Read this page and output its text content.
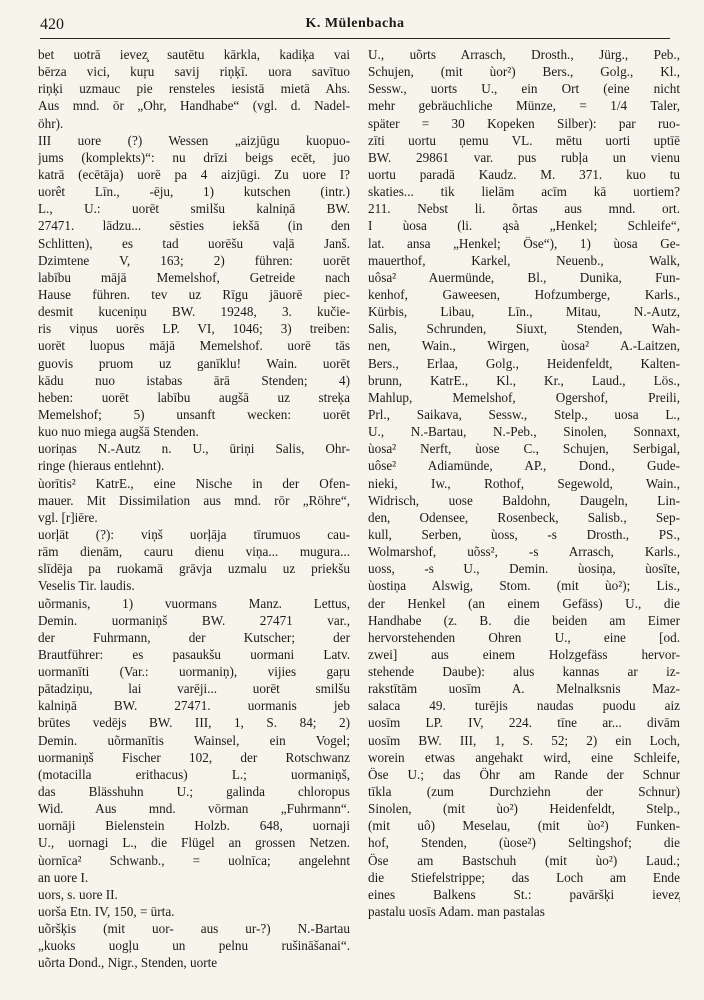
420	K. Mülenbacha
bet uotrā ievez̧ sautētu kārkla, kadiķa vai
bērza vici, kuŗu savij riņķī. uora savītuo
riņķi uzmauc pie rensteles iesistā mietā Ahs.
Aus mnd. ōr „Ohr, Handhabe“ (vgl. d. Nadel-
öhr).
III uore (?) Wessen „aizjūgu kuopuo-
jums (komplekts)“: nu drīzi beigs ecēt, juo
katrā (ecētāja) uorē pa 4 aizjūgi. Zu uore I?
uorêt Līn., -ēju, 1) kutschen (intr.)
L., U.: uorēt smilšu kalniņā BW.
27471. lādzu... sēsties iekšā (in den
Schlitten), es tad uorēšu vaļā Janš.
Dzimtene V, 163; 2) führen: uorēt
labību mājā Memelshof, Getreide nach
Hause führen. tev uz Rīgu jāuorē piec-
desmit kuceniņu BW. 19248, 3. kučie-
ris viņus uorēs LP. VI, 1046; 3) treiben:
uorēt luopus mājā Memelshof. uorē tās
guovis pruom uz ganīklu! Wain. uorēt
kādu nuo istabas ārā Stenden; 4)
heben: uorēt labību augšā uz streķa
Memelshof; 5) unsanft wecken: uorēt
kuo nuo miega augšā Stenden.
uoriņas N.-Autz n. U., ūriņi Salis, Ohr-
ringe (hieraus entlehnt).
ùorītis² KatrE., eine Nische in der Ofen-
mauer. Mit Dissimilation aus mnd. rōr „Röhre“,
vgl. [r]iēre.
uorļāt (?): viņš uorļāja tīrumuos cau-
rām dienām, cauru dienu viņa... mugura...
slīdēja pa ruokamā grāvja uzmalu uz priekšu
Veselis Tir. laudis.
uõrmanis, 1) vuormans Manz. Lettus,
Demin. uormaniņš BW. 27471 var.,
der Fuhrmann, der Kutscher; der
Brautführer: es pasaukšu uormani Latv.
uormanīti (Var.: uormaniņ), vijies gaŗu
pātadziņu, lai varēji... uorēt smilšu
kalniņā BW. 27471. uormanis jeb
brūtes vedējs BW. III, 1, S. 84; 2)
Demin. uõrmanītis Wainsel, ein Vogel;
uormaniņš Fischer 102, der Rotschwanz
(motacilla erithacus) L.; uormaniņš,
das Blässhuhn U.; galinda chloropus
Wid. Aus mnd. vōrman „Fuhrmann“.
uornāji Bielenstein Holzb. 648, uornaji
U., uornagi L., die Flügel an grossen Netzen.
ùornīca² Schwanb., = uolnīca; angelehnt
an uore I.
uors, s. uore II.
uorša Etn. IV, 150, = ūrta.
uõršķis (mit uor- aus ur-?) N.-Bartau
„kuoks uogļu un pelnu rušināšanai“.
uõrta Dond., Nigr., Stenden, uorte
U., uõrts Arrasch, Drosth., Jürg., Peb.,
Schujen, (mit ùor²) Bers., Golg., Kl.,
Sessw., uorts U., ein Ort (eine nicht
mehr gebräuchliche Münze, = 1/4 Taler,
später = 30 Kopeken Silber): par ruo-
zīti uortu ņemu VL. mētu uorti uptīē
BW. 29861 var. pus rubļa un vienu
uortu paradā Kaudz. M. 371. kuo tu
skaties... tik lielām acīm kā uortiem?
211. Nebst li. õrtas aus mnd. ort.
I ùosa (li. ąsà „Henkel; Schleife“,
lat. ansa „Henkel; Öse“), 1) ùosa Ge-
mauerthof, Karkel, Neuenb., Walk,
uôsa² Auermünde, Bl., Dunika, Fun-
kenhof, Gaweesen, Hofzumberge, Karls.,
Kürbis, Libau, Līn., Mitau, N.-Autz,
Salis, Schrunden, Siuxt, Stenden, Wah-
nen, Wain., Wirgen, ùosa² A.-Laitzen,
Bers., Erlaa, Golg., Heidenfeldt, Kalten-
brunn, KatrE., Kl., Kr., Laud., Lös.,
Mahlup, Memelshof, Ogershof, Preili,
Prl., Saikava, Sessw., Stelp., uosa L.,
U., N.-Bartau, N.-Peb., Sinolen, Sonnaxt,
ùosa² Nerft, ùose C., Schujen, Serbigal,
uôse² Adiamünde, AP., Dond., Gude-
nieki, Iw., Rothof, Segewold, Wain.,
Widrisch, uose Baldohn, Daugeln, Lin-
den, Odensee, Rosenbeck, Salisb., Sep-
kull, Serben, ùoss, -s Drosth., PS.,
Wolmarshof, uõss², -s Arrasch, Karls.,
uoss, -s U., Demin. ùosiņa, ùosīte,
ùostiņa Alswig, Stom. (mit ùo²); Lis.,
der Henkel (an einem Gefäss) U., die
Handhabe (z. B. die beiden am Eimer
hervorstehenden Ohren U., eine [od.
zwei] aus einem Holzgefäss hervor-
stehende Daube): alus kannas ar iz-
rakstītām uosīm A. Melnalksnis Maz-
salaca 49. turējis naudas puodu aiz
uosīm LP. IV, 224. tīne ar... divām
uosīm BW. III, 1, S. 52; 2) ein Loch,
worein etwas angehakt wird, eine Schleife,
Öse U.; das Öhr am Rande der Schnur
tīkla (zum Durchziehn der Schnur)
Sinolen, (mit ùo²) Heidenfeldt, Stelp.,
(mit uô) Meselau, (mit ùo²) Funken-
hof, Stenden, (ùose²) Seltingshof; die
Öse am Bastschuh (mit ùo²) Laud.;
die Stiefelstrippe; das Loch am Ende
eines Balkens St.: pavāršķi ievez̧
pastalu uosīs Adam. man pastalas
